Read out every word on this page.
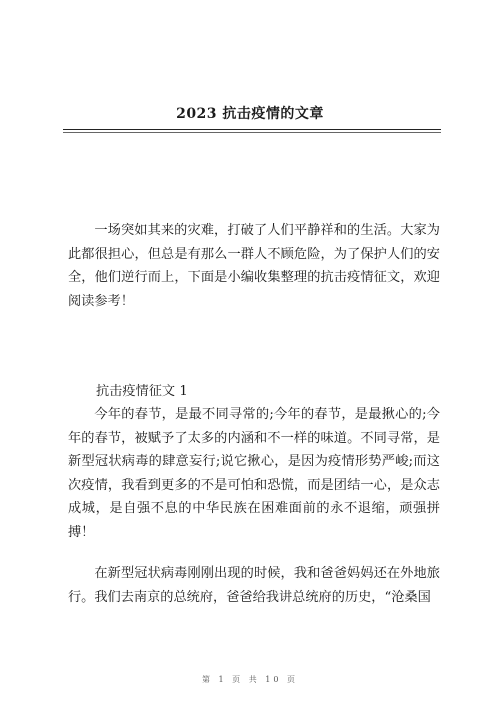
2023 抗击疫情的文章

一场突如其来的灾难，打破了人们平静祥和的生活。大家为此都很担心，但总是有那么一群人不顾危险，为了保护人们的安全，他们逆行而上，下面是小编收集整理的抗击疫情征文，欢迎阅读参考！

抗击疫情征文 1

今年的春节，是最不同寻常的;今年的春节，是最揪心的;今年的春节，被赋予了太多的内涵和不一样的味道。不同寻常，是新型冠状病毒的肆意妄行;说它揪心，是因为疫情形势严峻;而这次疫情，我看到更多的不是可怕和恐慌，而是团结一心，是众志成城，是自强不息的中华民族在困难面前的永不退缩，顽强拼搏！

在新型冠状病毒刚刚出现的时候，我和爸爸妈妈还在外地旅行。我们去南京的总统府，爸爸给我讲总统府的历史，“沧桑国

第 1 页 共 10 页
